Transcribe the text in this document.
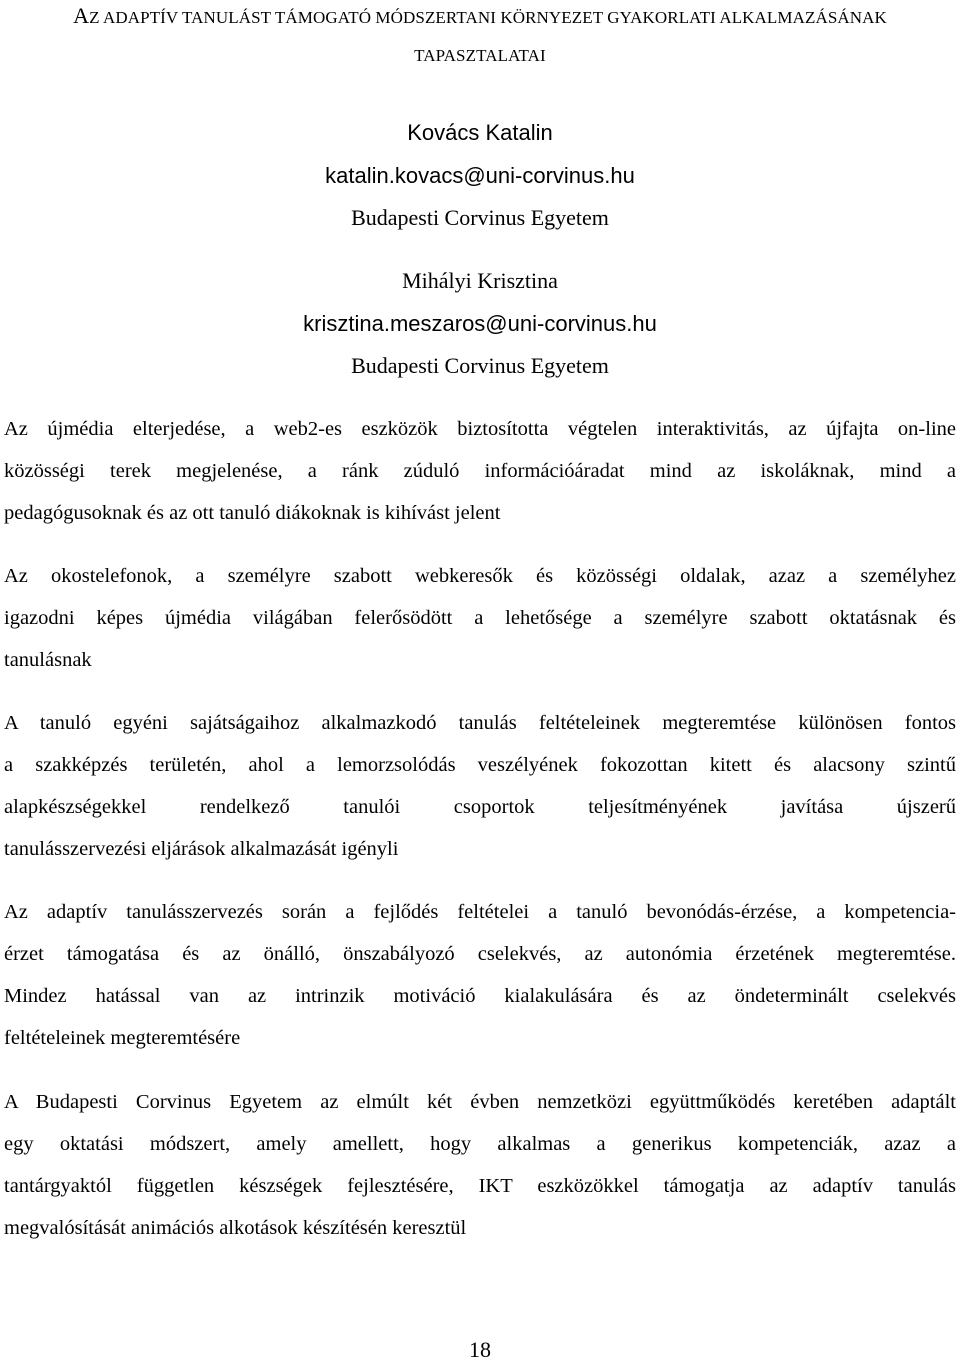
AZ ADAPTÍV TANULÁST TÁMOGATÓ MÓDSZERTANI KÖRNYEZET GYAKORLATI ALKALMAZÁSÁNAK
TAPASZTALATAI
Kovács Katalin
katalin.kovacs@uni-corvinus.hu
Budapesti Corvinus Egyetem
Mihályi Krisztina
krisztina.meszaros@uni-corvinus.hu
Budapesti Corvinus Egyetem
Az újmédia elterjedése, a web2-es eszközök biztosította végtelen interaktivitás, az újfajta on-line
közösségi terek megjelenése, a ránk zúduló információáradat mind az iskoláknak, mind a
pedagógusoknak és az ott tanuló diákoknak is kihívást jelent
Az okostelefonok, a személyre szabott webkeresők és közösségi oldalak, azaz a személyhez
igazodni képes újmédia világában felerősödött a lehetősége a személyre szabott oktatásnak és
tanulásnak
A tanuló egyéni sajátságaihoz alkalmazkodó tanulás feltételeinek megteremtése különösen fontos
a szakképzés területén, ahol a lemorzsolódás veszélyének fokozottan kitett és alacsony szintű
alapkészségekkel rendelkező tanulói csoportok teljesítményének javítása újszerű
tanulásszervezési eljárások alkalmazását igényli
Az adaptív tanulásszervezés során a fejlődés feltételei a tanuló bevonódás-érzése, a kompetencia-
érzet támogatása és az önálló, önszabályozó cselekvés, az autonómia érzetének megteremtése.
Mindez hatással van az intrinzik motiváció kialakulására és az öndeterminált cselekvés
feltételeinek megteremtésére
A Budapesti Corvinus Egyetem az elmúlt két évben nemzetközi együttműködés keretében adaptált
egy oktatási módszert, amely amellett, hogy alkalmas a generikus kompetenciák, azaz a
tantárgyaktól független készségek fejlesztésére, IKT eszközökkel támogatja az adaptív tanulás
megvalósítását animációs alkotások készítésén keresztül
18
